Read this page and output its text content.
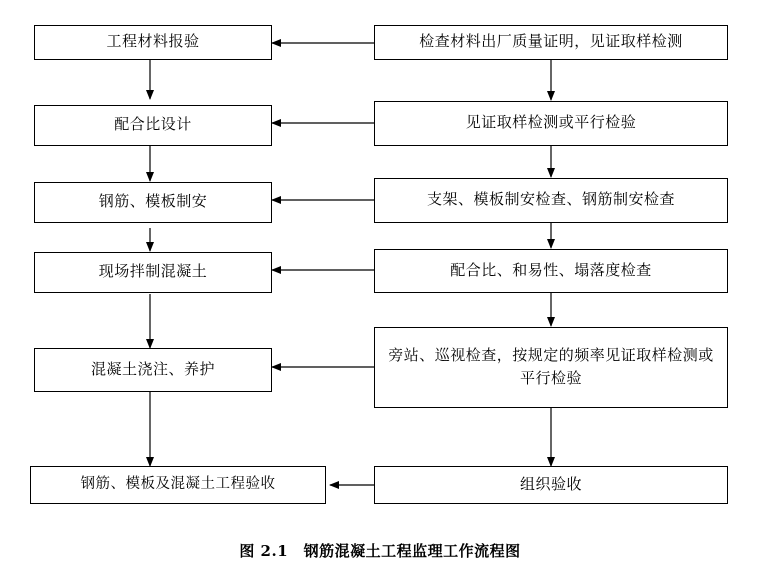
工程材料报验
配合比设计
钢筋、模板制安
现场拌制混凝土
混凝土浇注、养护
钢筋、模板及混凝土工程验收
检查材料出厂质量证明，见证取样检测
见证取样检测或平行检验
支架、模板制安检查、钢筋制安检查
配合比、和易性、塌落度检查
旁站、巡视检查，按规定的频率见证取样检测或平行检验
组织验收
图 2.1　钢筋混凝土工程监理工作流程图
